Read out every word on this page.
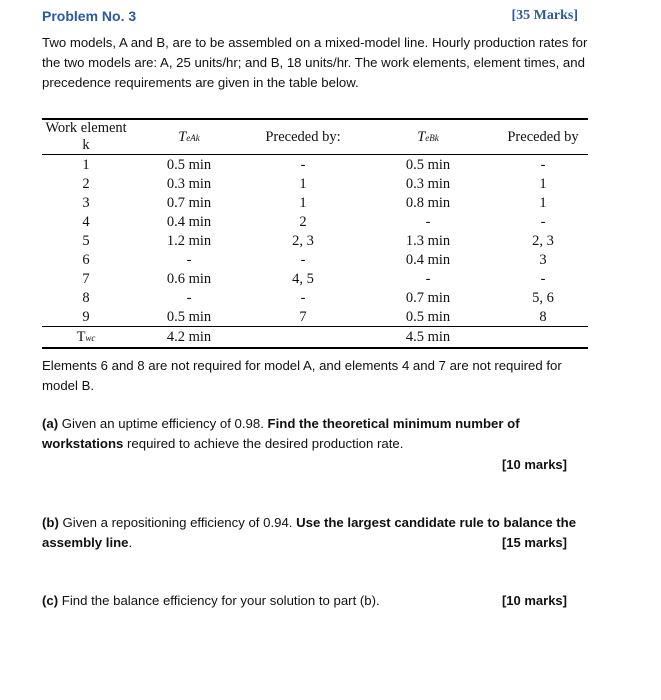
Problem No. 3	[35 Marks]
Two models, A and B, are to be assembled on a mixed-model line. Hourly production rates for the two models are: A, 25 units/hr; and B, 18 units/hr. The work elements, element times, and precedence requirements are given in the table below.
Work element k	TeAk	Preceded by:	TeBk	Preceded by
1	0.5 min	-	0.5 min	-
2	0.3 min	1	0.3 min	1
3	0.7 min	1	0.8 min	1
4	0.4 min	2	-	-
5	1.2 min	2, 3	1.3 min	2, 3
6	-	-	0.4 min	3
7	0.6 min	4, 5	-	-
8	-	-	0.7 min	5, 6
9	0.5 min	7	0.5 min	8
Twc	4.2 min		4.5 min	
Elements 6 and 8 are not required for model A, and elements 4 and 7 are not required for model B.
(a) Given an uptime efficiency of 0.98. Find the theoretical minimum number of workstations required to achieve the desired production rate.
[10 marks]
(b) Given a repositioning efficiency of 0.94. Use the largest candidate rule to balance the assembly line.	[15 marks]
(c) Find the balance efficiency for your solution to part (b).	[10 marks]
